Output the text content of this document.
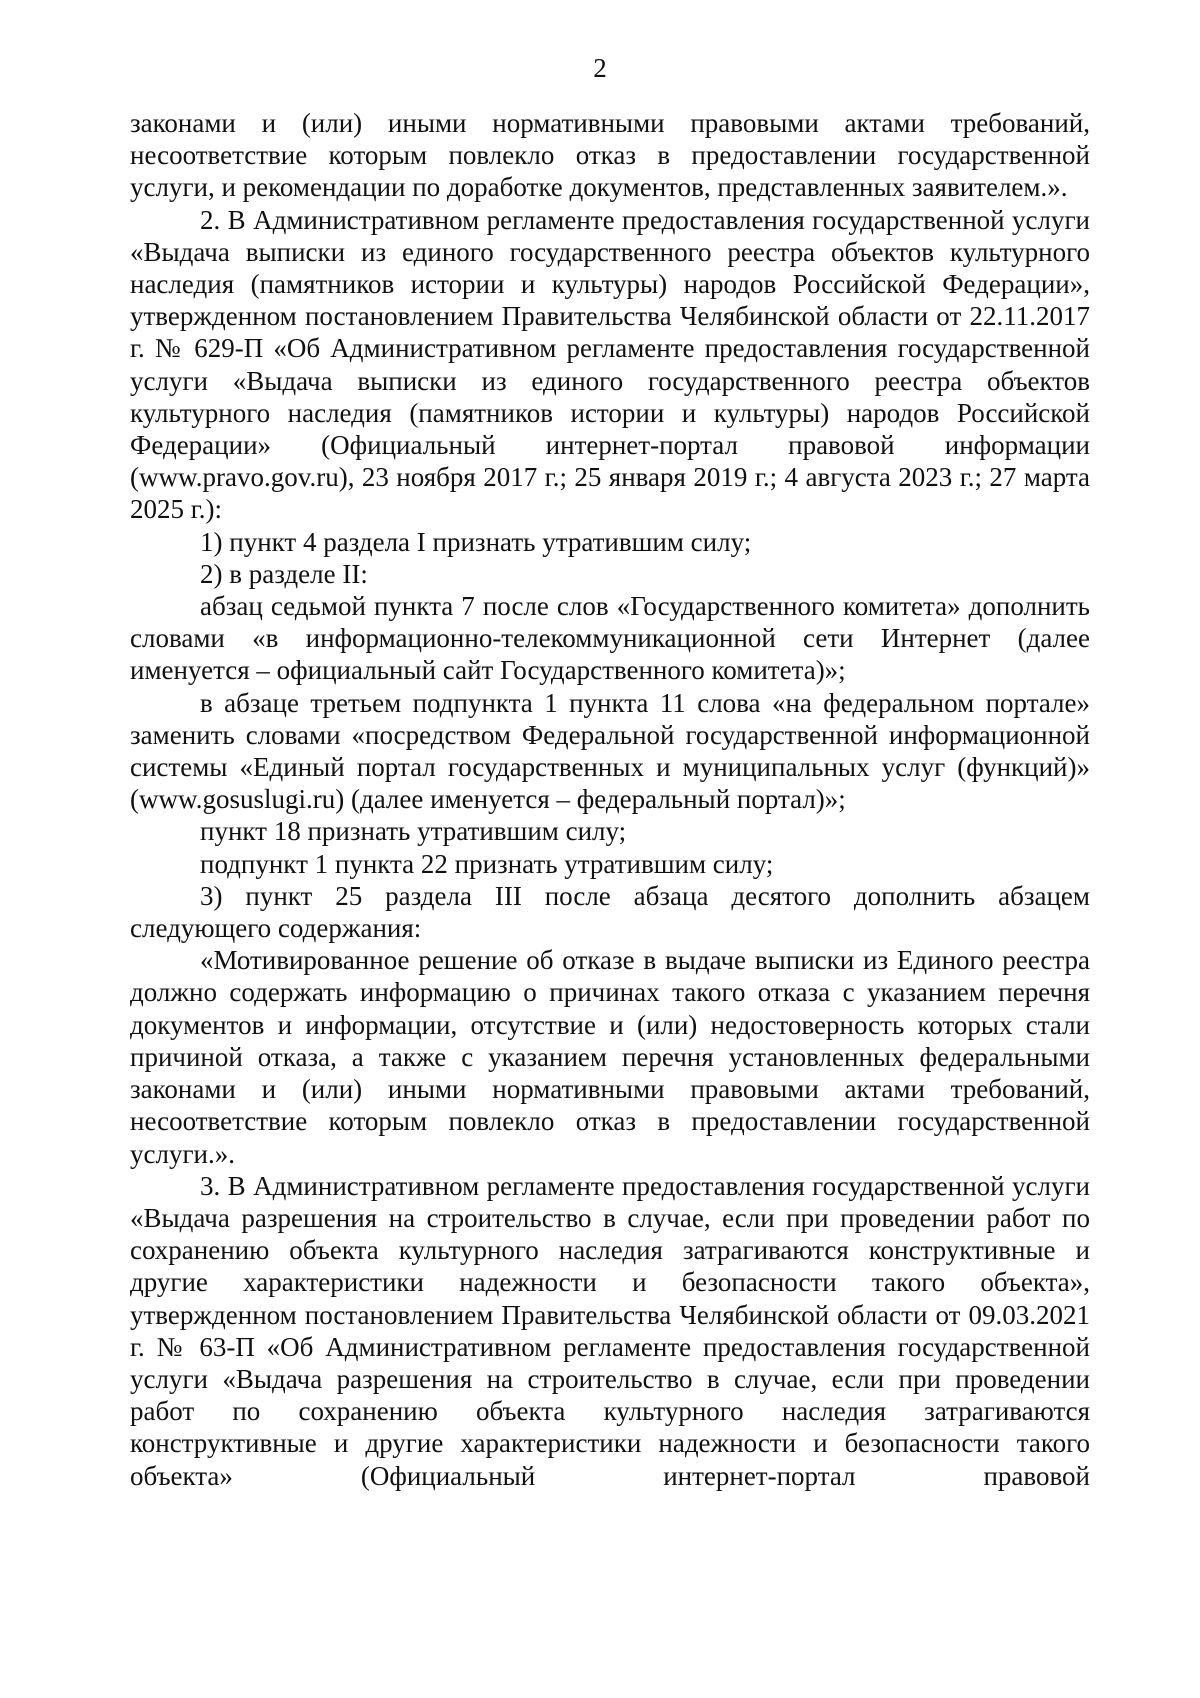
2

законами и (или) иными нормативными правовыми актами требований, несоответствие которым повлекло отказ в предоставлении государственной услуги, и рекомендации по доработке документов, представленных заявителем.».

2. В Административном регламенте предоставления государственной услуги «Выдача выписки из единого государственного реестра объектов культурного наследия (памятников истории и культуры) народов Российской Федерации», утвержденном постановлением Правительства Челябинской области от 22.11.2017 г. № 629-П «Об Административном регламенте предоставления государственной услуги «Выдача выписки из единого государственного реестра объектов культурного наследия (памятников истории и культуры) народов Российской Федерации» (Официальный интернет-портал правовой информации (www.pravo.gov.ru), 23 ноября 2017 г.; 25 января 2019 г.; 4 августа 2023 г.; 27 марта 2025 г.):

1) пункт 4 раздела I признать утратившим силу;

2) в разделе II:

абзац седьмой пункта 7 после слов «Государственного комитета» дополнить словами «в информационно-телекоммуникационной сети Интернет (далее именуется – официальный сайт Государственного комитета)»;

в абзаце третьем подпункта 1 пункта 11 слова «на федеральном портале» заменить словами «посредством Федеральной государственной информационной системы «Единый портал государственных и муниципальных услуг (функций)» (www.gosuslugi.ru) (далее именуется – федеральный портал)»;

пункт 18 признать утратившим силу;

подпункт 1 пункта 22 признать утратившим силу;

3) пункт 25 раздела III после абзаца десятого дополнить абзацем следующего содержания:

«Мотивированное решение об отказе в выдаче выписки из Единого реестра должно содержать информацию о причинах такого отказа с указанием перечня документов и информации, отсутствие и (или) недостоверность которых стали причиной отказа, а также с указанием перечня установленных федеральными законами и (или) иными нормативными правовыми актами требований, несоответствие которым повлекло отказ в предоставлении государственной услуги.».

3. В Административном регламенте предоставления государственной услуги «Выдача разрешения на строительство в случае, если при проведении работ по сохранению объекта культурного наследия затрагиваются конструктивные и другие характеристики надежности и безопасности такого объекта», утвержденном постановлением Правительства Челябинской области от 09.03.2021 г. № 63-П «Об Административном регламенте предоставления государственной услуги «Выдача разрешения на строительство в случае, если при проведении работ по сохранению объекта культурного наследия затрагиваются конструктивные и другие характеристики надежности и безопасности такого объекта» (Официальный интернет-портал правовой
